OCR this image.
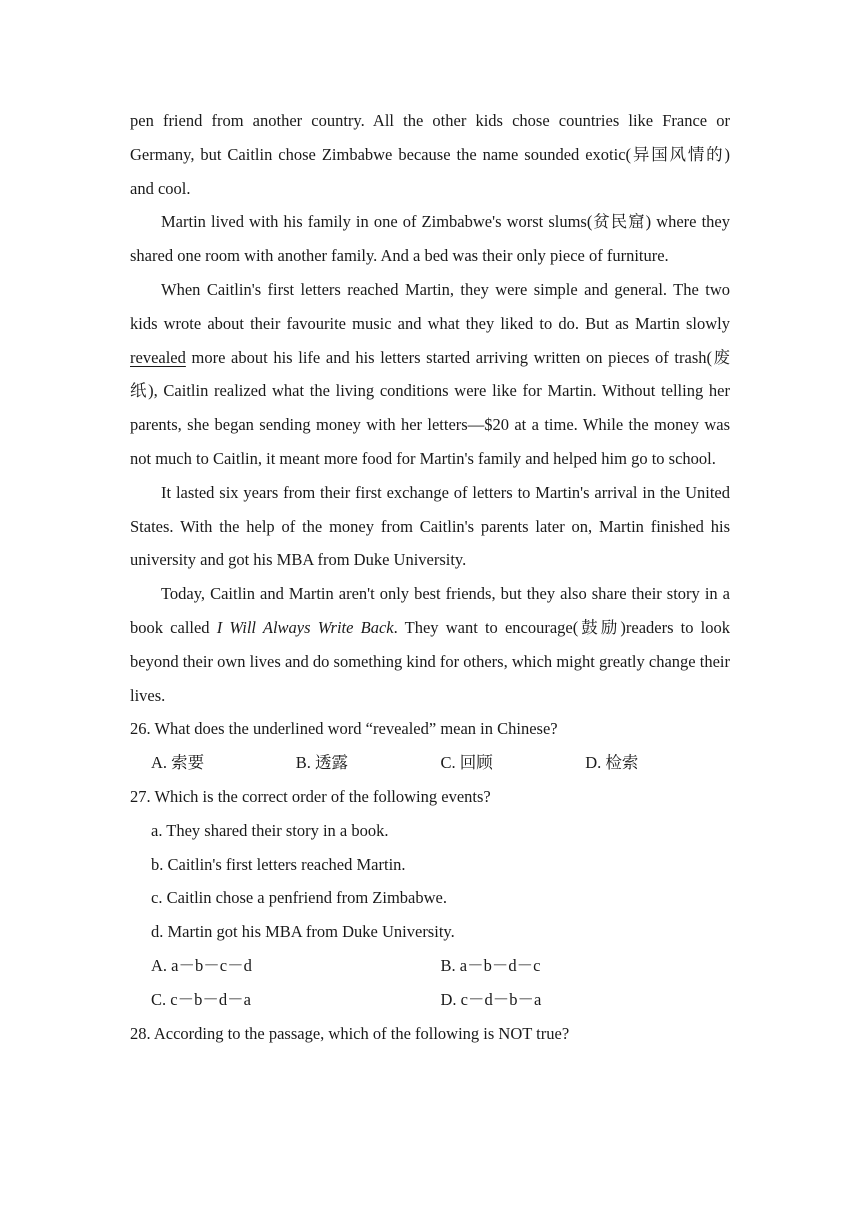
pen friend from another country. All the other kids chose countries like France or Germany, but Caitlin chose Zimbabwe because the name sounded exotic(异国风情的) and cool.

Martin lived with his family in one of Zimbabwe's worst slums(贫民窟) where they shared one room with another family. And a bed was their only piece of furniture.

When Caitlin's first letters reached Martin, they were simple and general. The two kids wrote about their favourite music and what they liked to do. But as Martin slowly revealed more about his life and his letters started arriving written on pieces of trash(废纸), Caitlin realized what the living conditions were like for Martin. Without telling her parents, she began sending money with her letters—$20 at a time. While the money was not much to Caitlin, it meant more food for Martin's family and helped him go to school.

It lasted six years from their first exchange of letters to Martin's arrival in the United States. With the help of the money from Caitlin's parents later on, Martin finished his university and got his MBA from Duke University.

Today, Caitlin and Martin aren't only best friends, but they also share their story in a book called I Will Always Write Back. They want to encourage(鼓励)readers to look beyond their own lives and do something kind for others, which might greatly change their lives.

26. What does the underlined word “revealed” mean in Chinese?
A. 索要	B. 透露	C. 回顾	D. 检索
27. Which is the correct order of the following events?
a. They shared their story in a book.
b. Caitlin's first letters reached Martin.
c. Caitlin chose a penfriend from Zimbabwe.
d. Martin got his MBA from Duke University.
A. a－b－c－d	B. a－b－d－c
C. c－b－d－a	D. c－d－b－a
28. According to the passage, which of the following is NOT true?
